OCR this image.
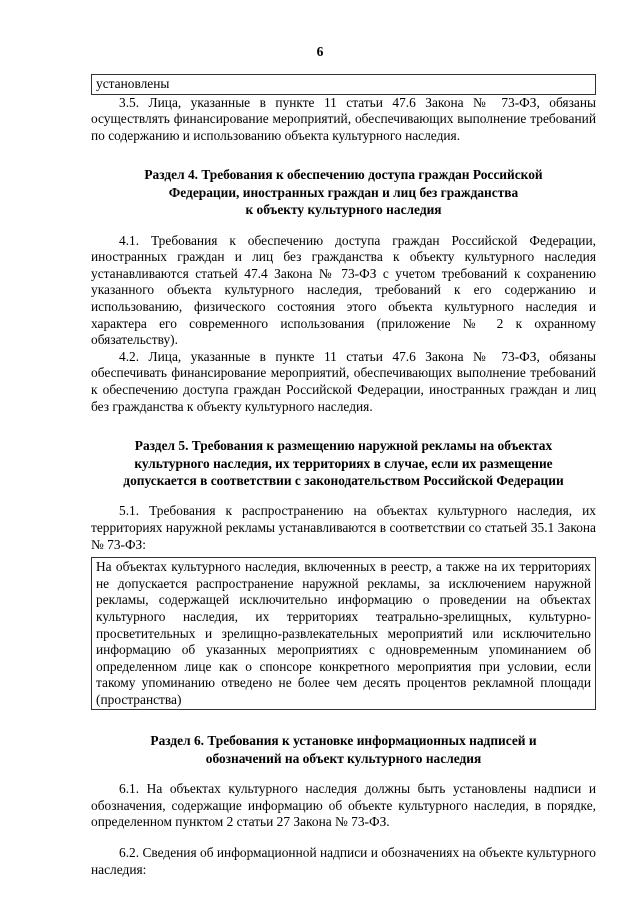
6
установлены

3.5. Лица, указанные в пункте 11 статьи 47.6 Закона № 73-ФЗ, обязаны осуществлять финансирование мероприятий, обеспечивающих выполнение требований по содержанию и использованию объекта культурного наследия.

Раздел 4. Требования к обеспечению доступа граждан Российской

Федерации, иностранных граждан и лиц без гражданства

к объекту культурного наследия

4.1. Требования к обеспечению доступа граждан Российской Федерации, иностранных граждан и лиц без гражданства к объекту культурного наследия устанавливаются статьей 47.4 Закона № 73-ФЗ с учетом требований к сохранению указанного объекта культурного наследия, требований к его содержанию и использованию, физического состояния этого объекта культурного наследия и характера его современного использования (приложение № 2 к охранному обязательству).

4.2. Лица, указанные в пункте 11 статьи 47.6 Закона № 73-ФЗ, обязаны обеспечивать финансирование мероприятий, обеспечивающих выполнение требований к обеспечению доступа граждан Российской Федерации, иностранных граждан и лиц без гражданства к объекту культурного наследия.

Раздел 5. Требования к размещению наружной рекламы на объектах

культурного наследия, их территориях в случае, если их размещение

допускается в соответствии с законодательством Российской Федерации

5.1. Требования к распространению на объектах культурного наследия, их территориях наружной рекламы устанавливаются в соответствии со статьей 35.1 Закона № 73-ФЗ:

На объектах культурного наследия, включенных в реестр, а также на их территориях не допускается распространение наружной рекламы, за исключением наружной рекламы, содержащей исключительно информацию о проведении на объектах культурного наследия, их территориях театрально-зрелищных, культурно-просветительных и зрелищно-развлекательных мероприятий или исключительно информацию об указанных мероприятиях с одновременным упоминанием об определенном лице как о спонсоре конкретного мероприятия при условии, если такому упоминанию отведено не более чем десять процентов рекламной площади (пространства)

Раздел 6. Требования к установке информационных надписей и

обозначений на объект культурного наследия

6.1. На объектах культурного наследия должны быть установлены надписи и обозначения, содержащие информацию об объекте культурного наследия, в порядке, определенном пунктом 2 статьи 27 Закона № 73-ФЗ.

6.2. Сведения об информационной надписи и обозначениях на объекте культурного наследия:
